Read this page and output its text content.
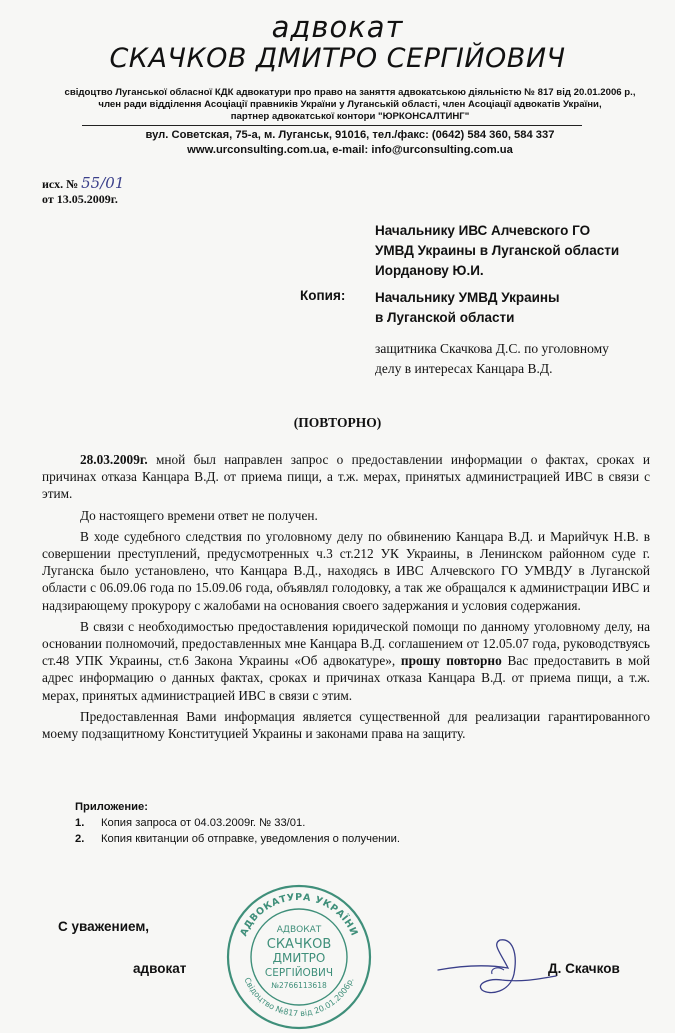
адвокат
СКАЧКОВ ДМИТРО СЕРГІЙОВИЧ
свідоцтво Луганської обласної КДК адвокатури про право на заняття адвокатською діяльністю № 817 від 20.01.2006 р.,
член ради відділення Асоціації правників України у Луганській області, член Асоціації адвокатів України,
партнер адвокатської контори "ЮРКОНСАЛТИНГ"
вул. Советская, 75-а, м. Луганськ, 91016, тел./факс: (0642) 584 360, 584 337
www.urconsulting.com.ua, e-mail: info@urconsulting.com.ua
исх. № 55/01
от 13.05.2009г.
Начальнику ИВС Алчевского ГО
УМВД Украины в Луганской области
Иорданову Ю.И.
Копия: Начальнику УМВД Украины
в Луганской области
защитника Скачкова Д.С. по уголовному
делу в интересах Канцара В.Д.
(ПОВТОРНО)

28.03.2009г. мной был направлен запрос о предоставлении информации о фактах, сроках и причинах отказа Канцара В.Д. от приема пищи, а т.ж. мерах, принятых администрацией ИВС в связи с этим.

До настоящего времени ответ не получен.

В ходе судебного следствия по уголовному делу по обвинению Канцара В.Д. и Марийчук Н.В. в совершении преступлений, предусмотренных ч.3 ст.212 УК Украины, в Ленинском районном суде г. Луганска было установлено, что Канцара В.Д., находясь в ИВС Алчевского ГО УМВДУ в Луганской области с 06.09.06 года по 15.09.06 года, объявлял голодовку, а так же обращался к администрации ИВС и надзирающему прокурору с жалобами на основания своего задержания и условия содержания.

В связи с необходимостью предоставления юридической помощи по данному уголовному делу, на основании полномочий, предоставленных мне Канцара В.Д. соглашением от 12.05.07 года, руководствуясь ст.48 УПК Украины, ст.6 Закона Украины «Об адвокатуре», прошу повторно Вас предоставить в мой адрес информацию о данных фактах, сроках и причинах отказа Канцара В.Д. от приема пищи, а т.ж. мерах, принятых администрацией ИВС в связи с этим.

Предоставленная Вами информация является существенной для реализации гарантированного моему подзащитному Конституцией Украины и законами права на защиту.

Приложение:
1. Копия запроса от 04.03.2009г. № 33/01.
2. Копия квитанции об отправке, уведомления о получении.
С уважением,
адвокат	Д. Скачков
АДВОКАТУРА УКРАЇНИ
Свідоцтво №817 від 20.01.2006р.
АДВОКАТ
СКАЧКОВ
ДМИТРО
СЕРГІЙОВИЧ
№2766113618
